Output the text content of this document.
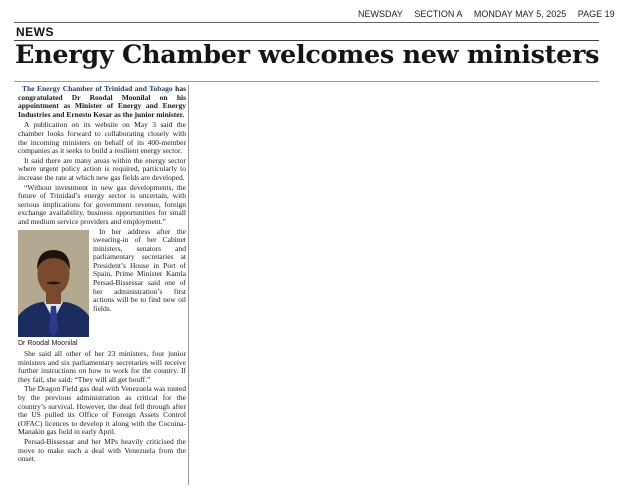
NEWSDAY SECTION A MONDAY MAY 5, 2025 PAGE 19
NEWS
Energy Chamber welcomes new ministers

The Energy Chamber of Trinidad and Tobago has congratulated Dr Roodal Moonilal on his appointment as Minister of Energy and Energy Industries and Ernesto Kesar as the junior minister.

A publication on its website on May 3 said the chamber looks forward to collaborating closely with the incoming ministers on behalf of its 400-member companies as it seeks to build a resilient energy sector.

It said there are many areas within the energy sector where urgent policy action is required, particularly to increase the rate at which new gas fields are developed.

“Without investment in new gas developments, the future of Trinidad’s energy sector is uncertain, with serious implications for government revenue, foreign exchange availability, business opportunities for small and medium service providers and employment.”

Dr Roodal Moonilal

In her address after the swearing-in of her Cabinet ministers, senators and parliamentary secretaries at President’s House in Port of Spain, Prime Minister Kamla Persad-Bissessar said one of her administration’s first actions will be to find new oil fields.

She said all other of her 23 ministers, four junior ministers and six parliamentary secretaries will receive further instructions on how to work for the country. If they fail, she said: “They will all get bouff.”

The Dragon Field gas deal with Venezuela was touted by the previous administration as critical for the country’s survival. However, the deal fell through after the US pulled its Office of Foreign Assets Control (OFAC) licences to develop it along with the Cocuina-Manakin gas field in early April.

Persad-Bissessar and her MPs heavily criticised the move to make such a deal with Venezuela from the onset.
